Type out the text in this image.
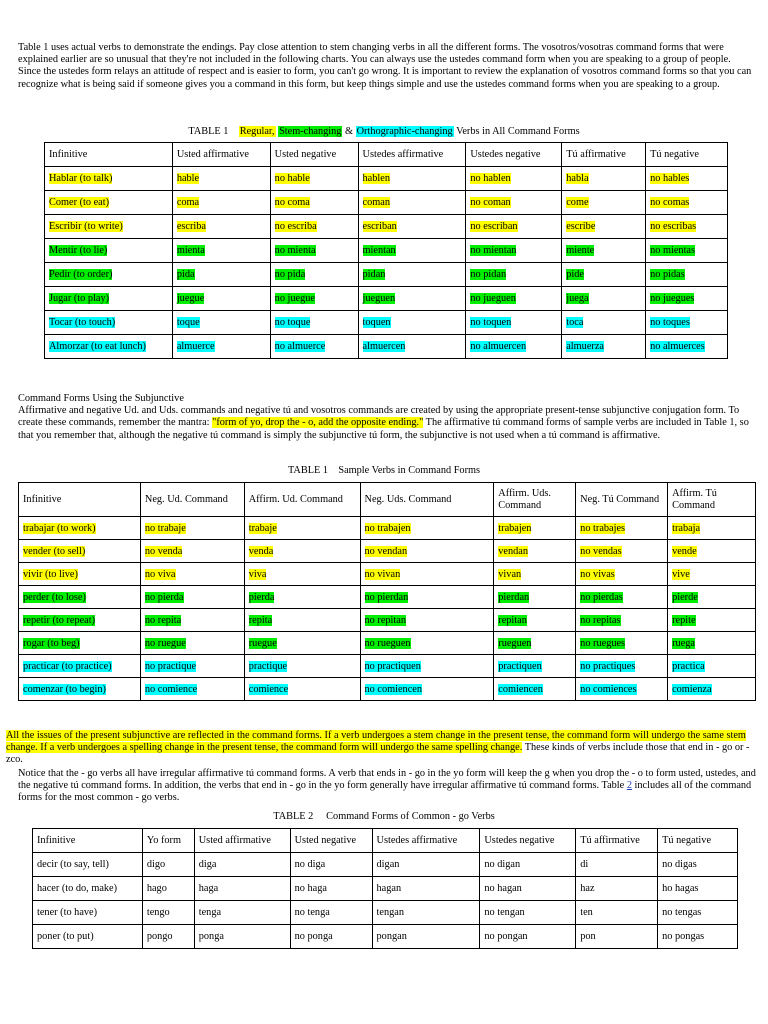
Table 1 uses actual verbs to demonstrate the endings. Pay close attention to stem changing verbs in all the different forms. The vosotros/vosotras command forms that were explained earlier are so unusual that they're not included in the following charts. You can always use the ustedes command form when you are speaking to a group of people. Since the ustedes form relays an attitude of respect and is easier to form, you can't go wrong. It is important to review the explanation of vosotros command forms so that you can recognize what is being said if someone gives you a command in this form, but keep things simple and use the ustedes command forms when you are speaking to a group.

TABLE 1 Regular, Stem-changing & Orthographic-changing Verbs in All Command Forms

Infinitive	Usted affirmative	Usted negative	Ustedes affirmative	Ustedes negative	Tú affirmative	Tú negative
Hablar (to talk)	hable	no hable	hablen	no hablen	habla	no hables
Comer (to eat)	coma	no coma	coman	no coman	come	no comas
Escribir (to write)	escriba	no escriba	escriban	no escriban	escribe	no escribas
Mentir (to lie)	mienta	no mienta	mientan	no mientan	miente	no mientas
Pedir (to order)	pida	no pida	pidan	no pidan	pide	no pidas
Jugar (to play)	juegue	no juegue	jueguen	no jueguen	juega	no juegues
Tocar (to touch)	toque	no toque	toquen	no toquen	toca	no toques
Almorzar (to eat lunch)	almuerce	no almuerce	almuercen	no almuercen	almuerza	no almuerces

Command Forms Using the Subjunctive

Affirmative and negative Ud. and Uds. commands and negative tú and vosotros commands are created by using the appropriate present-tense subjunctive conjugation form. To create these commands, remember the mantra: "form of yo, drop the - o, add the opposite ending." The affirmative tú command forms of sample verbs are included in Table 1, so that you remember that, although the negative tú command is simply the subjunctive tú form, the subjunctive is not used when a tú command is affirmative.

TABLE 1    Sample Verbs in Command Forms

Infinitive	Neg. Ud. Command	Affirm. Ud. Command	Neg. Uds. Command	Affirm. Uds. Command	Neg. Tú Command	Affirm. Tú Command
trabajar (to work)	no trabaje	trabaje	no trabajen	trabajen	no trabajes	trabaja
vender (to sell)	no venda	venda	no vendan	vendan	no vendas	vende
vivir (to live)	no viva	viva	no vivan	vivan	no vivas	vive
perder (to lose)	no pierda	pierda	no pierdan	pierdan	no pierdas	pierde
repetir (to repeat)	no repita	repita	no repitan	repitan	no repitas	repite
rogar (to beg)	no ruegue	ruegue	no rueguen	rueguen	no ruegues	ruega
practicar (to practice)	no practique	practique	no practiquen	practiquen	no practiques	practica
comenzar (to begin)	no comience	comience	no comiencen	comiencen	no comiences	comienza

All the issues of the present subjunctive are reflected in the command forms. If a verb undergoes a stem change in the present tense, the command form will undergo the same stem change. If a verb undergoes a spelling change in the present tense, the command form will undergo the same spelling change. These kinds of verbs include those that end in - go or - zco.

Notice that the - go verbs all have irregular affirmative tú command forms. A verb that ends in - go in the yo form will keep the g when you drop the - o to form usted, ustedes, and the negative tú command forms. In addition, the verbs that end in - go in the yo form generally have irregular affirmative tú command forms. Table 2 includes all of the command forms for the most common - go verbs.

TABLE 2     Command Forms of Common - go Verbs

Infinitive	Yo form	Usted affirmative	Usted negative	Ustedes affirmative	Ustedes negative	Tú affirmative	Tú negative
decir (to say, tell)	digo	diga	no diga	digan	no digan	di	no digas
hacer (to do, make)	hago	haga	no haga	hagan	no hagan	haz	ho hagas
tener (to have)	tengo	tenga	no tenga	tengan	no tengan	ten	no tengas
poner (to put)	pongo	ponga	no ponga	pongan	no pongan	pon	no pongas
